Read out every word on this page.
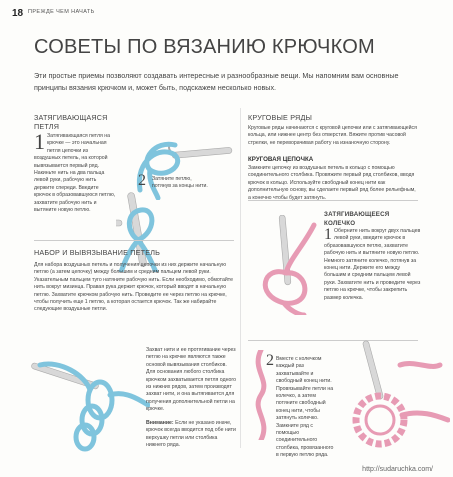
18 ПРЕЖДЕ ЧЕМ НАЧАТЬ
СОВЕТЫ ПО ВЯЗАНИЮ КРЮЧКОМ
Эти простые приемы позволяют создавать интересные и разнообразные вещи. Мы напомним вам основные принципы вязания крючком и, может быть, подскажем несколько новых.
ЗАТЯГИВАЮЩАЯСЯ
ПЕТЛЯ
1 Затягивающаяся петля на крючке — это начальная петля цепочки из воздушных петель, на которой вывязывается первый ряд. Накиньте нить на два пальца левой руки, рабочую нить держите спереди. Введите крючок в образовавшуюся петлю, захватите рабочую нить и вытяните новую петлю.
2 Затяните петлю, потянув за концы нити.
НАБОР И ВЫВЯЗЫВАНИЕ ПЕТЕЛЬ
Для набора воздушных петель и получения цепочки из них держите начальную петлю (а затем цепочку) между большим и средним пальцем левой руки. Указательным пальцем туго натяните рабочую нить. Если необходимо, обмотайте нить вокруг мизинца. Правая рука держит крючок, который вводят в начальную петлю. Захватите крючком рабочую нить. Проведите ее через петлю на крючке, чтобы получить еще 1 петлю, а которая остается крючок. Так же набирайте следующие воздушные петли.
Захват нити и ее протягивание через петлю на крючке являются также основой вывязывания столбиков. Для основания любого столбика крючком захватывается петля одного из нижних рядов, затем производят захват нити, и она вытягивается для получения дополнительной петли на крючке.
Внимание: Если не указано иначе, крючок всегда вводится под обе нити верхушку петли или столбика нижнего ряда.
КРУГОВЫЕ РЯДЫ
Круговые ряды начинаются с круговой цепочки или с затягивающейся кольца, или нижнее центр без отверстия. Вяжите против часовой стрелки, не переворачивая работу на изнаночную сторону.
КРУГОВАЯ ЦЕПОЧКА
Замкните цепочку из воздушных петель в кольцо с помощью соединительного столбика. Провяжите первый ряд столбиков, вводя крючок в кольцо. Используйте свободный конец нити как дополнительную основу, вы сделаете первый ряд более рельефным, а конечно чтобы будет затянуть.
ЗАТЯГИВАЮЩЕЕСЯ
КОЛЕЧКО
1 Оберните нить вокруг двух пальцев левой руки, введите крючок в образовавшуюся петлю, захватите рабочую нить и вытяните новую петлю. Немного затяните колечко, потянув за конец нити. Держите его между большим и средним пальцем левой руки. Захватите нить и проведите через петлю на крючке, чтобы закрепить размер колечка.
2 Вместе с колечком каждый раз захватывайте и свободный конец нити. Провязывайте петли на колечко, а затем потяните свободный конец нити, чтобы затянуть колечко. Замкните ряд с помощью соединительного столбика, провязанного в первую петлю ряда.
http://sudaruchka.com/
